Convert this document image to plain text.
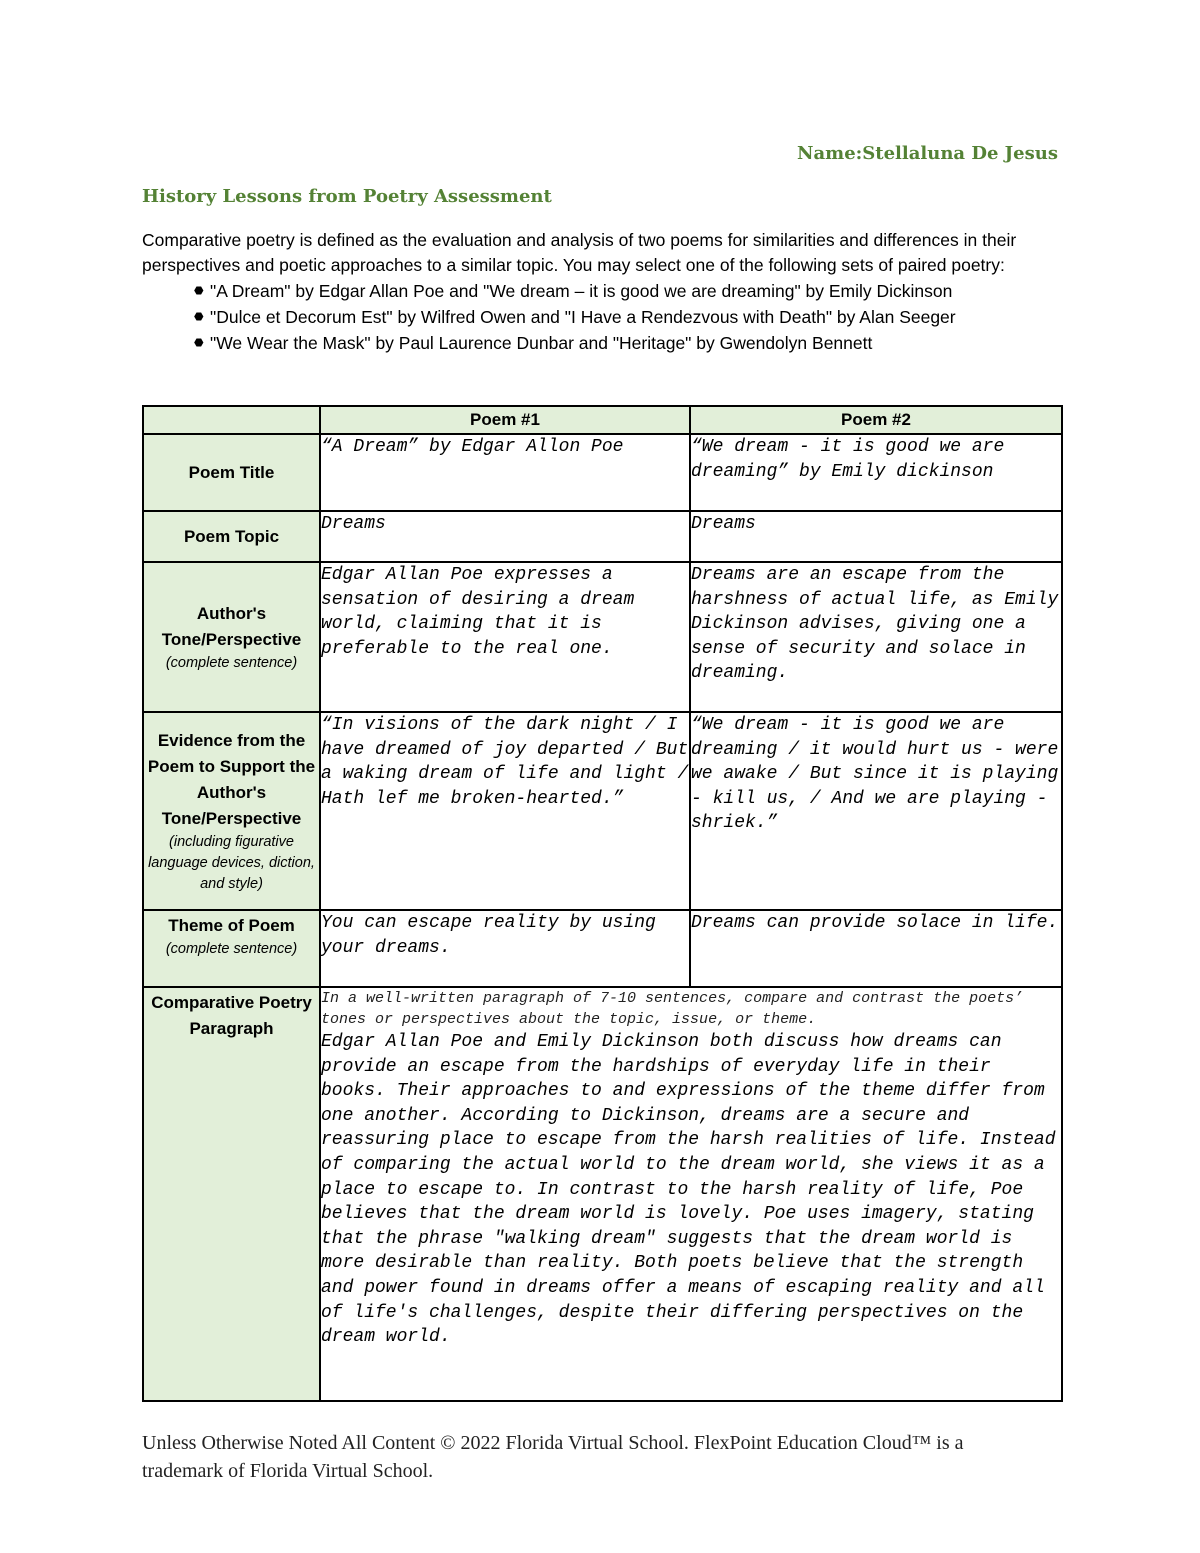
Name:Stellaluna De Jesus
History Lessons from Poetry Assessment

Comparative poetry is defined as the evaluation and analysis of two poems for similarities and differences in their perspectives and poetic approaches to a similar topic. You may select one of the following sets of paired poetry:

⬣ "A Dream" by Edgar Allan Poe and "We dream – it is good we are dreaming" by Emily Dickinson
⬣ "Dulce et Decorum Est" by Wilfred Owen and "I Have a Rendezvous with Death" by Alan Seeger
⬣ "We Wear the Mask" by Paul Laurence Dunbar and "Heritage" by Gwendolyn Bennett
	Poem #1	Poem #2
Poem Title	“A Dream” by Edgar Allon Poe	“We dream - it is good we are dreaming” by Emily dickinson
Poem Topic	Dreams	Dreams
Author's Tone/Perspective
(complete sentence)	Edgar Allan Poe expresses a sensation of desiring a dream world, claiming that it is preferable to the real one.	Dreams are an escape from the harshness of actual life, as Emily Dickinson advises, giving one a sense of security and solace in dreaming.
Evidence from the Poem to Support the Author's Tone/Perspective
(including figurative language devices, diction, and style)	“In visions of the dark night / I have dreamed of joy departed / But a waking dream of life and light / Hath lef me broken-hearted.”	“We dream - it is good we are dreaming / it would hurt us - were we awake / But since it is playing - kill us, / And we are playing - shriek.”
Theme of Poem
(complete sentence)	You can escape reality by using your dreams.	Dreams can provide solace in life.
Comparative Poetry Paragraph	In a well-written paragraph of 7-10 sentences, compare and contrast the poets’ tones or perspectives about the topic, issue, or theme.
Edgar Allan Poe and Emily Dickinson both discuss how dreams can provide an escape from the hardships of everyday life in their books. Their approaches to and expressions of the theme differ from one another. According to Dickinson, dreams are a secure and reassuring place to escape from the harsh realities of life. Instead of comparing the actual world to the dream world, she views it as a place to escape to. In contrast to the harsh reality of life, Poe believes that the dream world is lovely. Poe uses imagery, stating that the phrase "walking dream" suggests that the dream world is more desirable than reality. Both poets believe that the strength and power found in dreams offer a means of escaping reality and all of life's challenges, despite their differing perspectives on the dream world.	
Unless Otherwise Noted All Content © 2022 Florida Virtual School. FlexPoint Education Cloud™ is a trademark of Florida Virtual School.
